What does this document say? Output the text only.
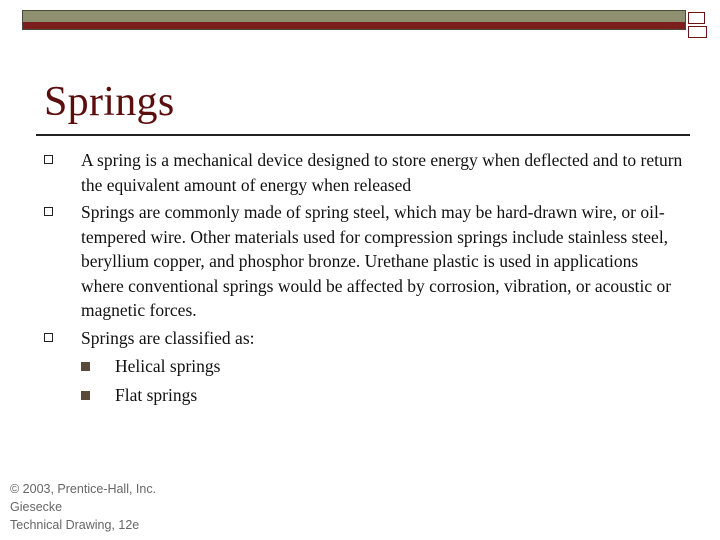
Springs
A spring is a mechanical device designed to store energy when deflected and to return the equivalent amount of energy when released
Springs are commonly made of spring steel, which may be hard-drawn wire, or oil-tempered wire. Other materials used for compression springs include stainless steel, beryllium copper, and phosphor bronze. Urethane plastic is used in applications where conventional springs would be affected by corrosion, vibration, or acoustic or magnetic forces.
Springs are classified as:
Helical springs
Flat springs
© 2003, Prentice-Hall, Inc.
Giesecke
Technical Drawing, 12e
